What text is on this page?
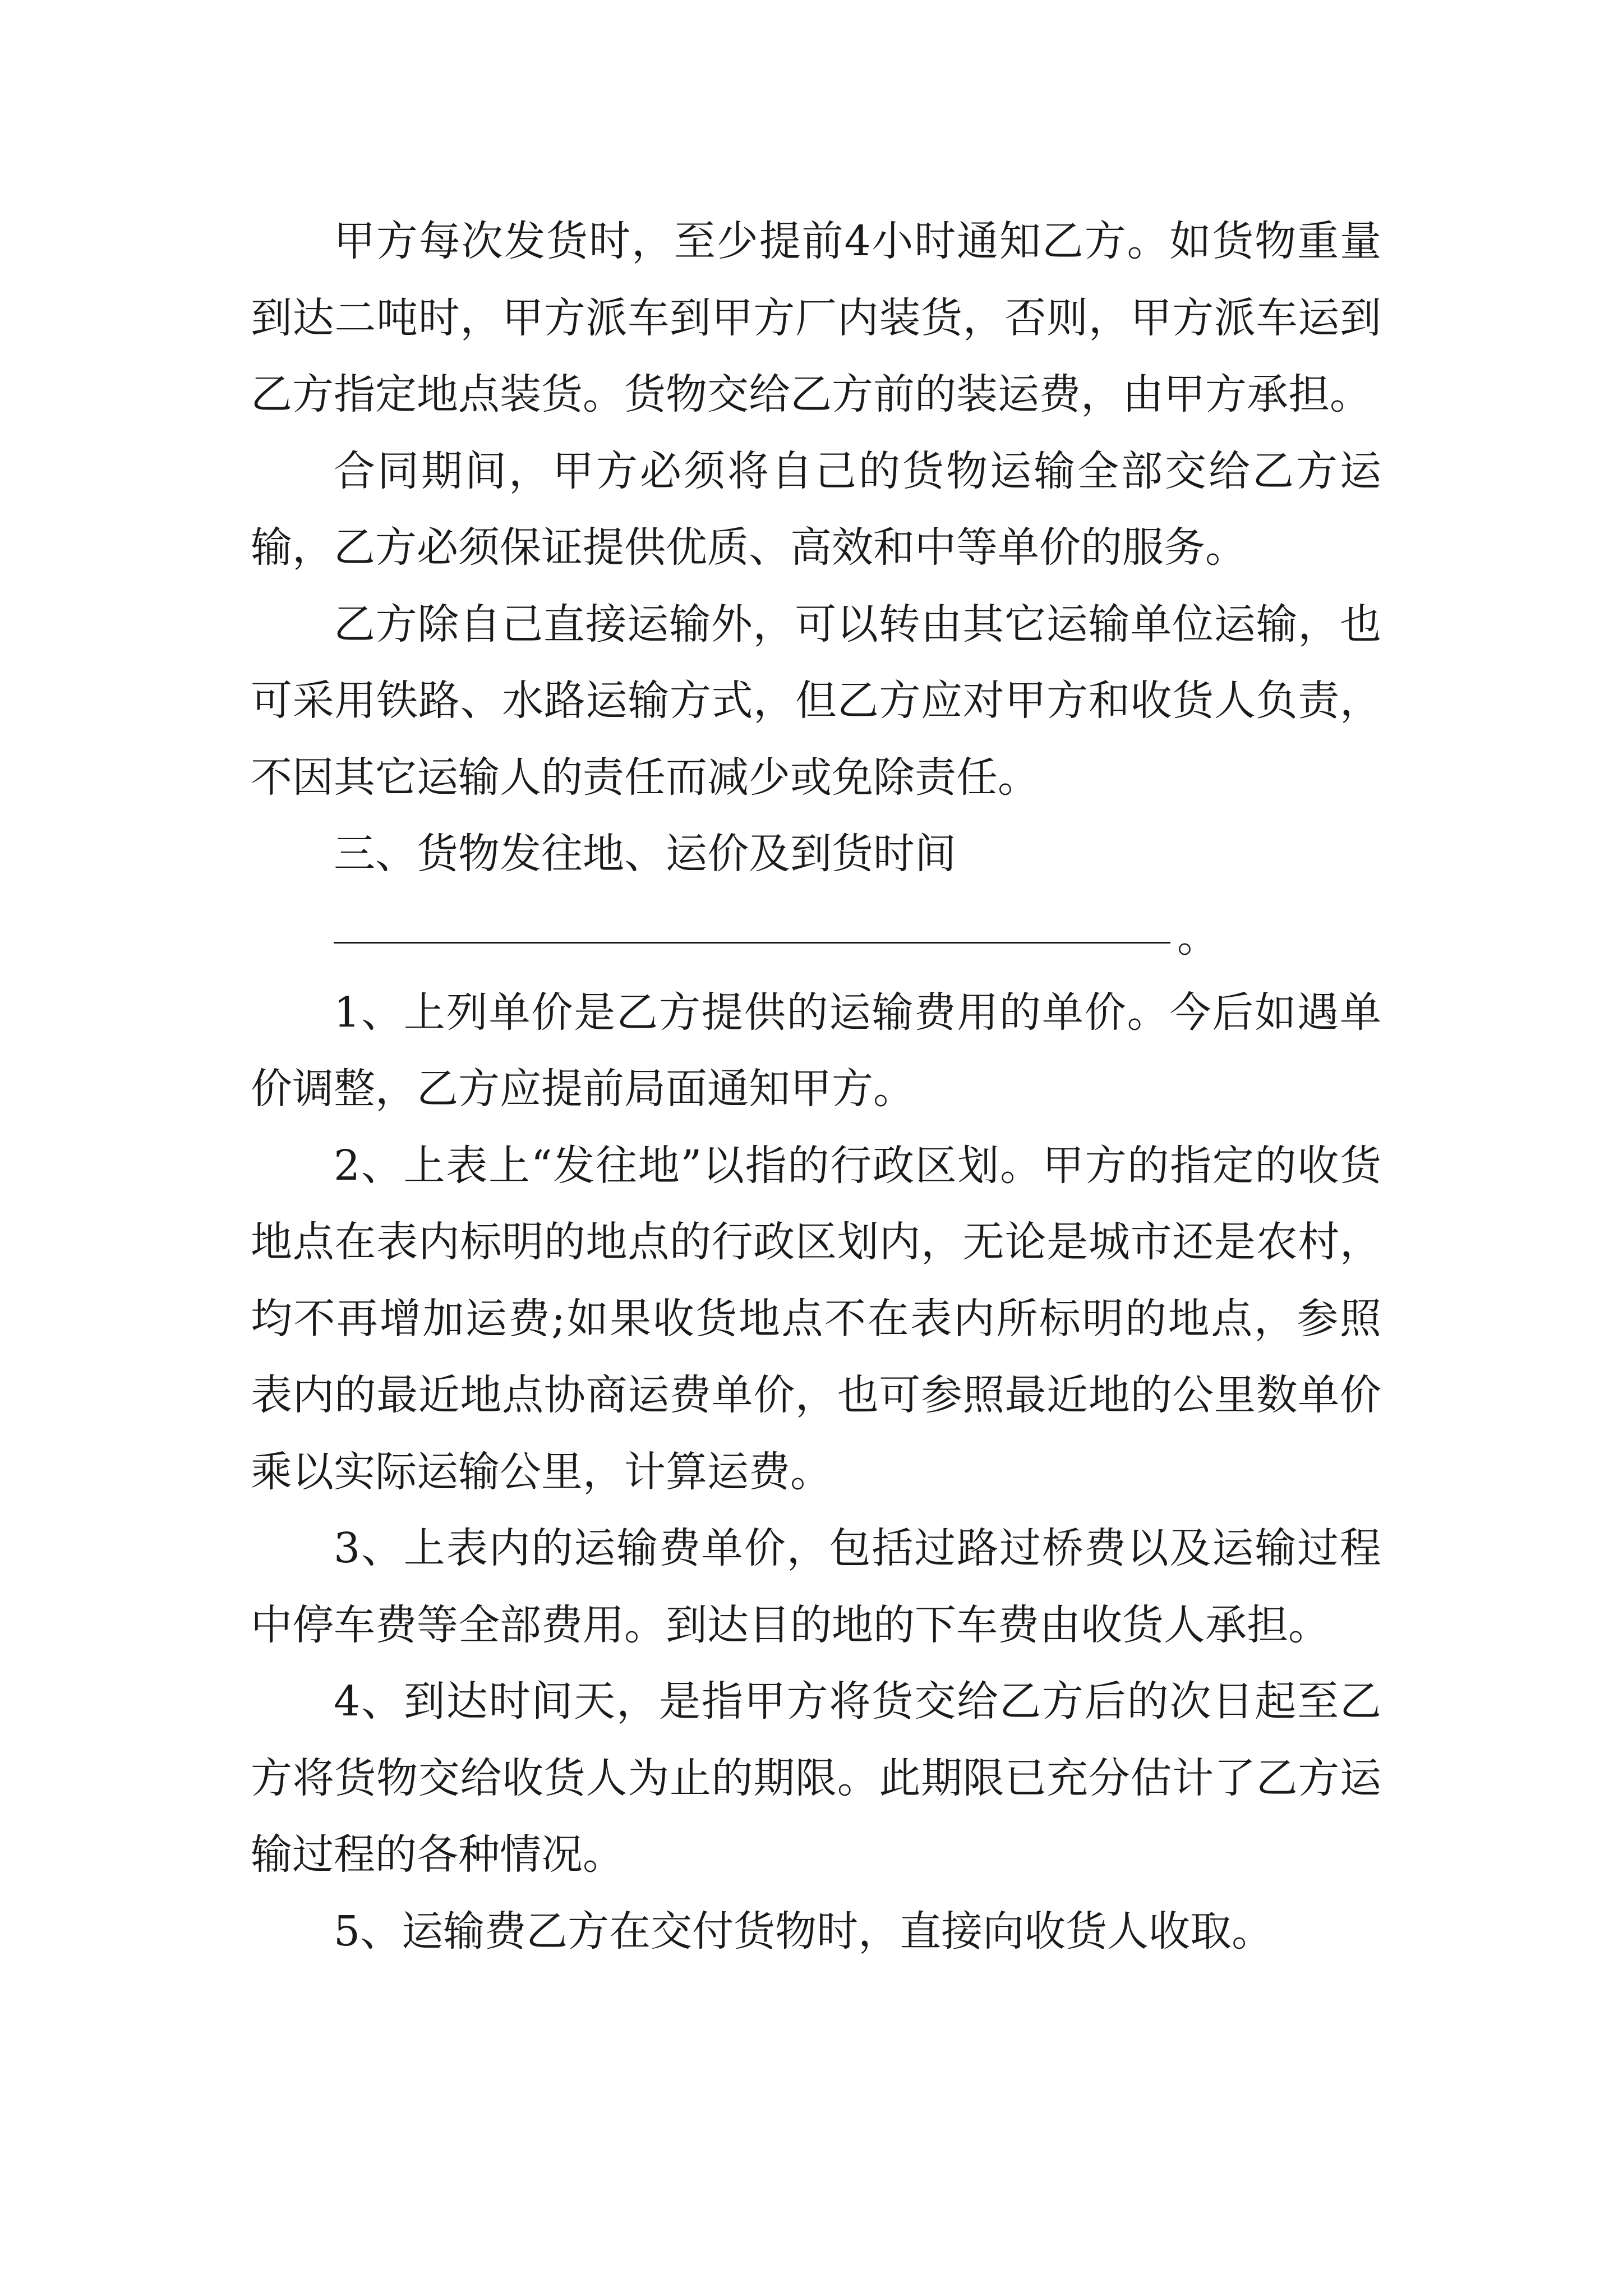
甲方每次发货时，至少提前4小时通知乙方。如货物重量到达二吨时，甲方派车到甲方厂内装货，否则，甲方派车运到乙方指定地点装货。货物交给乙方前的装运费，由甲方承担。

合同期间，甲方必须将自己的货物运输全部交给乙方运输，乙方必须保证提供优质、高效和中等单价的服务。

乙方除自己直接运输外，可以转由其它运输单位运输，也可采用铁路、水路运输方式，但乙方应对甲方和收货人负责，不因其它运输人的责任而减少或免除责任。

三、货物发往地、运价及到货时间

。

1、上列单价是乙方提供的运输费用的单价。今后如遇单价调整，乙方应提前局面通知甲方。

2、上表上“发往地”以指的行政区划。甲方的指定的收货地点在表内标明的地点的行政区划内，无论是城市还是农村，均不再增加运费;如果收货地点不在表内所标明的地点，参照表内的最近地点协商运费单价，也可参照最近地的公里数单价乘以实际运输公里，计算运费。

3、上表内的运输费单价，包括过路过桥费以及运输过程中停车费等全部费用。到达目的地的下车费由收货人承担。

4、到达时间天，是指甲方将货交给乙方后的次日起至乙方将货物交给收货人为止的期限。此期限已充分估计了乙方运输过程的各种情况。

5、运输费乙方在交付货物时，直接向收货人收取。
